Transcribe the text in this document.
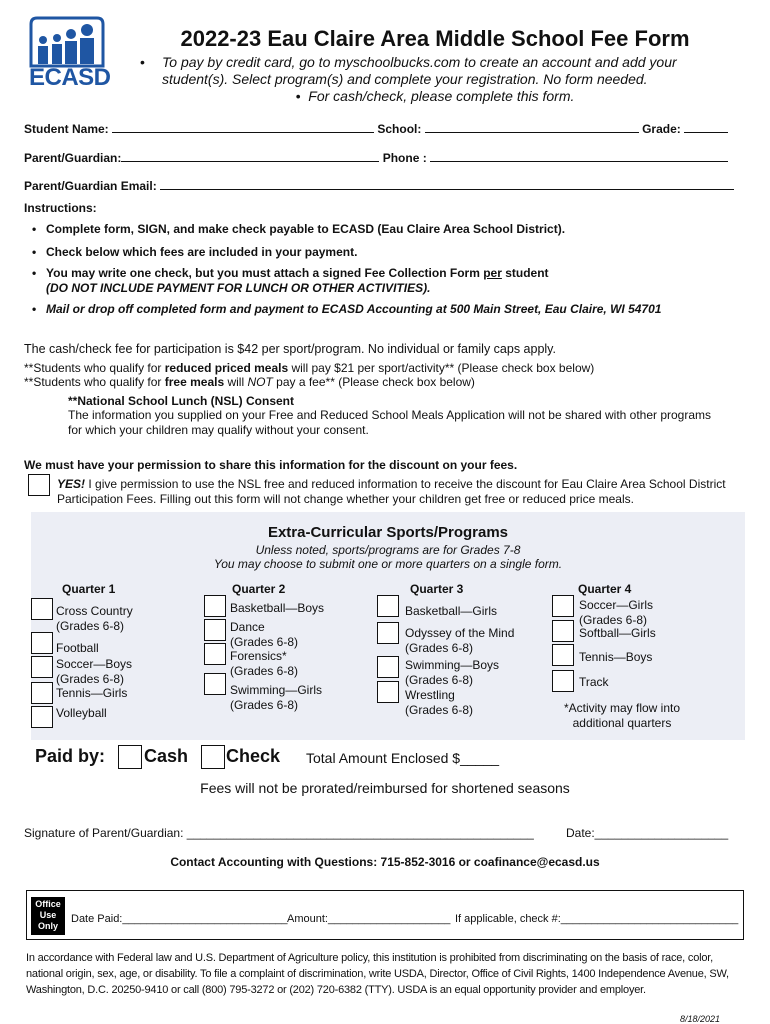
ECASD
2022-23 Eau Claire Area Middle School Fee Form
• To pay by credit card, go to myschoolbucks.com to create an account and add your student(s). Select program(s) and complete your registration. No form needed.
•  For cash/check, please complete this form.
Student Name:	School:	Grade:
Parent/Guardian:	Phone :
Parent/Guardian Email:
Instructions:
• Complete form, SIGN, and make check payable to ECASD (Eau Claire Area School District).
• Check below which fees are included in your payment.
• You may write one check, but you must attach a signed Fee Collection Form per student
(DO NOT INCLUDE PAYMENT FOR LUNCH OR OTHER ACTIVITIES).
• Mail or drop off completed form and payment to ECASD Accounting at 500 Main Street, Eau Claire, WI 54701
The cash/check fee for participation is $42 per sport/program. No individual or family caps apply.
**Students who qualify for reduced priced meals will pay $21 per sport/activity** (Please check box below)
**Students who qualify for free meals will NOT pay a fee** (Please check box below)
**National School Lunch (NSL) Consent
The information you supplied on your Free and Reduced School Meals Application will not be shared with other programs for which your children may qualify without your consent.
We must have your permission to share this information for the discount on your fees.
YES! I give permission to use the NSL free and reduced information to receive the discount for Eau Claire Area School District Participation Fees. Filling out this form will not change whether your children get free or reduced price meals.
Extra-Curricular Sports/Programs
Unless noted, sports/programs are for Grades 7-8
You may choose to submit one or more quarters on a single form.
Quarter 1
Cross Country
(Grades 6-8)
Football
Soccer—Boys
(Grades 6-8)
Tennis—Girls
Volleyball
Quarter 2
Basketball—Boys
Dance
(Grades 6-8)
Forensics*
(Grades 6-8)
Swimming—Girls
(Grades 6-8)
Quarter 3
Basketball—Girls
Odyssey of the Mind
(Grades 6-8)
Swimming—Boys
(Grades 6-8)
Wrestling
(Grades 6-8)
Quarter 4
Soccer—Girls
(Grades 6-8)
Softball—Girls
Tennis—Boys
Track
*Activity may flow into additional quarters
Paid by: Cash Check Total Amount Enclosed $_____
Fees will not be prorated/reimbursed for shortened seasons
Signature of Parent/Guardian: ____________________________________________________	Date:____________________
Contact Accounting with Questions: 715-852-3016 or coafinance@ecasd.us
Office Use Only
Date Paid:___________________________ Amount:____________________ If applicable, check #:_____________________________
In accordance with Federal law and U.S. Department of Agriculture policy, this institution is prohibited from discriminating on the basis of race, color, national origin, sex, age, or disability. To file a complaint of discrimination, write USDA, Director, Office of Civil Rights, 1400 Independence Avenue, SW, Washington, D.C. 20250-9410 or call (800) 795-3272 or (202) 720-6382 (TTY). USDA is an equal opportunity provider and employer.
8/18/2021
